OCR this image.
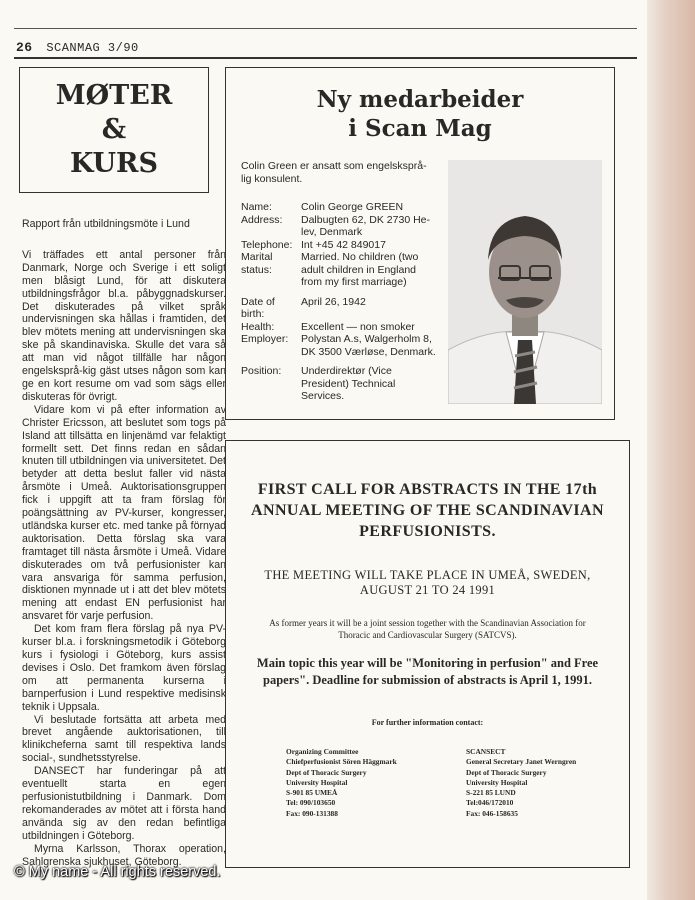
26 SCANMAG 3/90
MØTER
&
KURS

Rapport från utbildningsmöte i Lund

Vi träffades ett antal personer från Danmark, Norge och Sverige i ett soligt men blåsigt Lund, för att diskutera utbildningsfrågor bl.a. påbyggnadskurser. Det diskuterades på vilket språk undervisningen ska hållas i framtiden, det blev mötets mening att undervisningen ska ske på skandinaviska. Skulle det vara så att man vid något tillfälle har någon engelsksprå-kig gäst utses någon som kan ge en kort resume om vad som sägs eller diskuteras för övrigt.

Vidare kom vi på efter information av Christer Ericsson, att beslutet som togs på Island att tillsätta en linjenämd var felaktigt formellt sett. Det finns redan en sådan knuten till utbildningen via universitetet. Det betyder att detta beslut faller vid nästa årsmöte i Umeå. Auktorisationsgruppen fick i uppgift att ta fram förslag för poängsättning av PV-kurser, kongresser, utländska kurser etc. med tanke på förnyad auktorisation. Detta förslag ska vara framtaget till nästa årsmöte i Umeå. Vidare diskuterades om två perfusionister kan vara ansvariga för samma perfusion, disktionen mynnade ut i att det blev mötets mening att endast EN perfusionist har ansvaret för varje perfusion.

Det kom fram flera förslag på nya PV-kurser bl.a. i forskningsmetodik i Göteborg kurs i fysiologi i Göteborg, kurs assist devises i Oslo. Det framkom även förslag om att permanenta kurserna i barnperfusion i Lund respektive medisinsk teknik i Uppsala.

Vi beslutade fortsätta att arbeta med brevet angående auktorisationen, till klinikcheferna samt till respektiva lands social-, sundhetsstyrelse.

DANSECT har funderingar på att eventuellt starta en egen perfusionistutbildning i Danmark. Dom rekomanderades av mötet att i första hand använda sig av den redan befintliga utbildningen i Göteborg.

Myrna Karlsson, Thorax operation, Sahlgrenska sjukhuset, Göteborg.

Ny medarbeider
i Scan Mag
Colin Green er ansatt som engelsksprå-lig konsulent.
Name:	Colin George GREEN
Address:	Dalbugten 62, DK 2730 He-lev, Denmark
Telephone:	Int +45 42 849017
Marital status:	Married. No children (two adult children in England from my first marriage)
Date of birth:	April 26, 1942
Health:	Excellent — non smoker
Employer:	Polystan A.s, Walgerholm 8, DK 3500 Værløse, Denmark.
Position:	Underdirektør (Vice President) Technical Services.
FIRST CALL FOR ABSTRACTS IN THE 17th ANNUAL MEETING OF THE SCANDINAVIAN PERFUSIONISTS.
THE MEETING WILL TAKE PLACE IN UMEÅ, SWEDEN,
AUGUST 21 TO 24 1991
As former years it will be a joint session together with the Scandinavian Association for Thoracic and Cardiovascular Surgery (SATCVS).
Main topic this year will be "Monitoring in perfusion" and Free papers". Deadline for submission of abstracts is April 1, 1991.
For further information contact:
Organizing Committee
Chiefperfusionist Sören Häggmark
Dept of Thoracic Surgery
University Hospital
S-901 85 UMEÅ
Tel: 090/103650
Fax: 090-131388
SCANSECT
General Secretary Janet Werngren
Dept of Thoracic Surgery
University Hospital
S-221 85 LUND
Tel:046/172010
Fax: 046-158635
© My name - All rights reserved.
